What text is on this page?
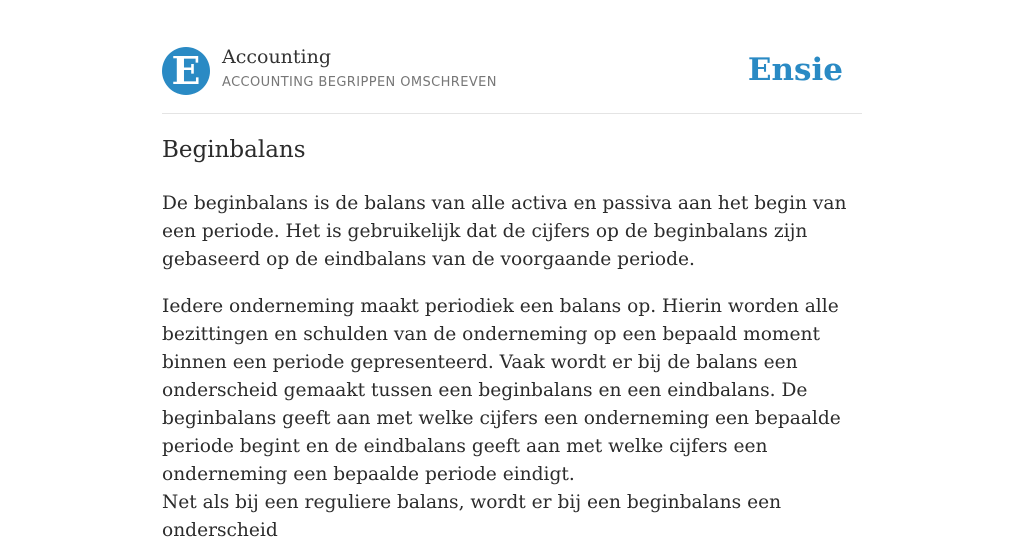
E	Accounting
ACCOUNTING BEGRIPPEN OMSCHREVEN	Ensie
Beginbalans

De beginbalans is de balans van alle activa en passiva aan het begin van een periode. Het is gebruikelijk dat de cijfers op de beginbalans zijn gebaseerd op de eindbalans van de voorgaande periode.

Iedere onderneming maakt periodiek een balans op. Hierin worden alle bezittingen en schulden van de onderneming op een bepaald moment binnen een periode gepresenteerd. Vaak wordt er bij de balans een onderscheid gemaakt tussen een beginbalans en een eindbalans. De beginbalans geeft aan met welke cijfers een onderneming een bepaalde periode begint en de eindbalans geeft aan met welke cijfers een onderneming een bepaalde periode eindigt.

Net als bij een reguliere balans, wordt er bij een beginbalans een onderscheid
